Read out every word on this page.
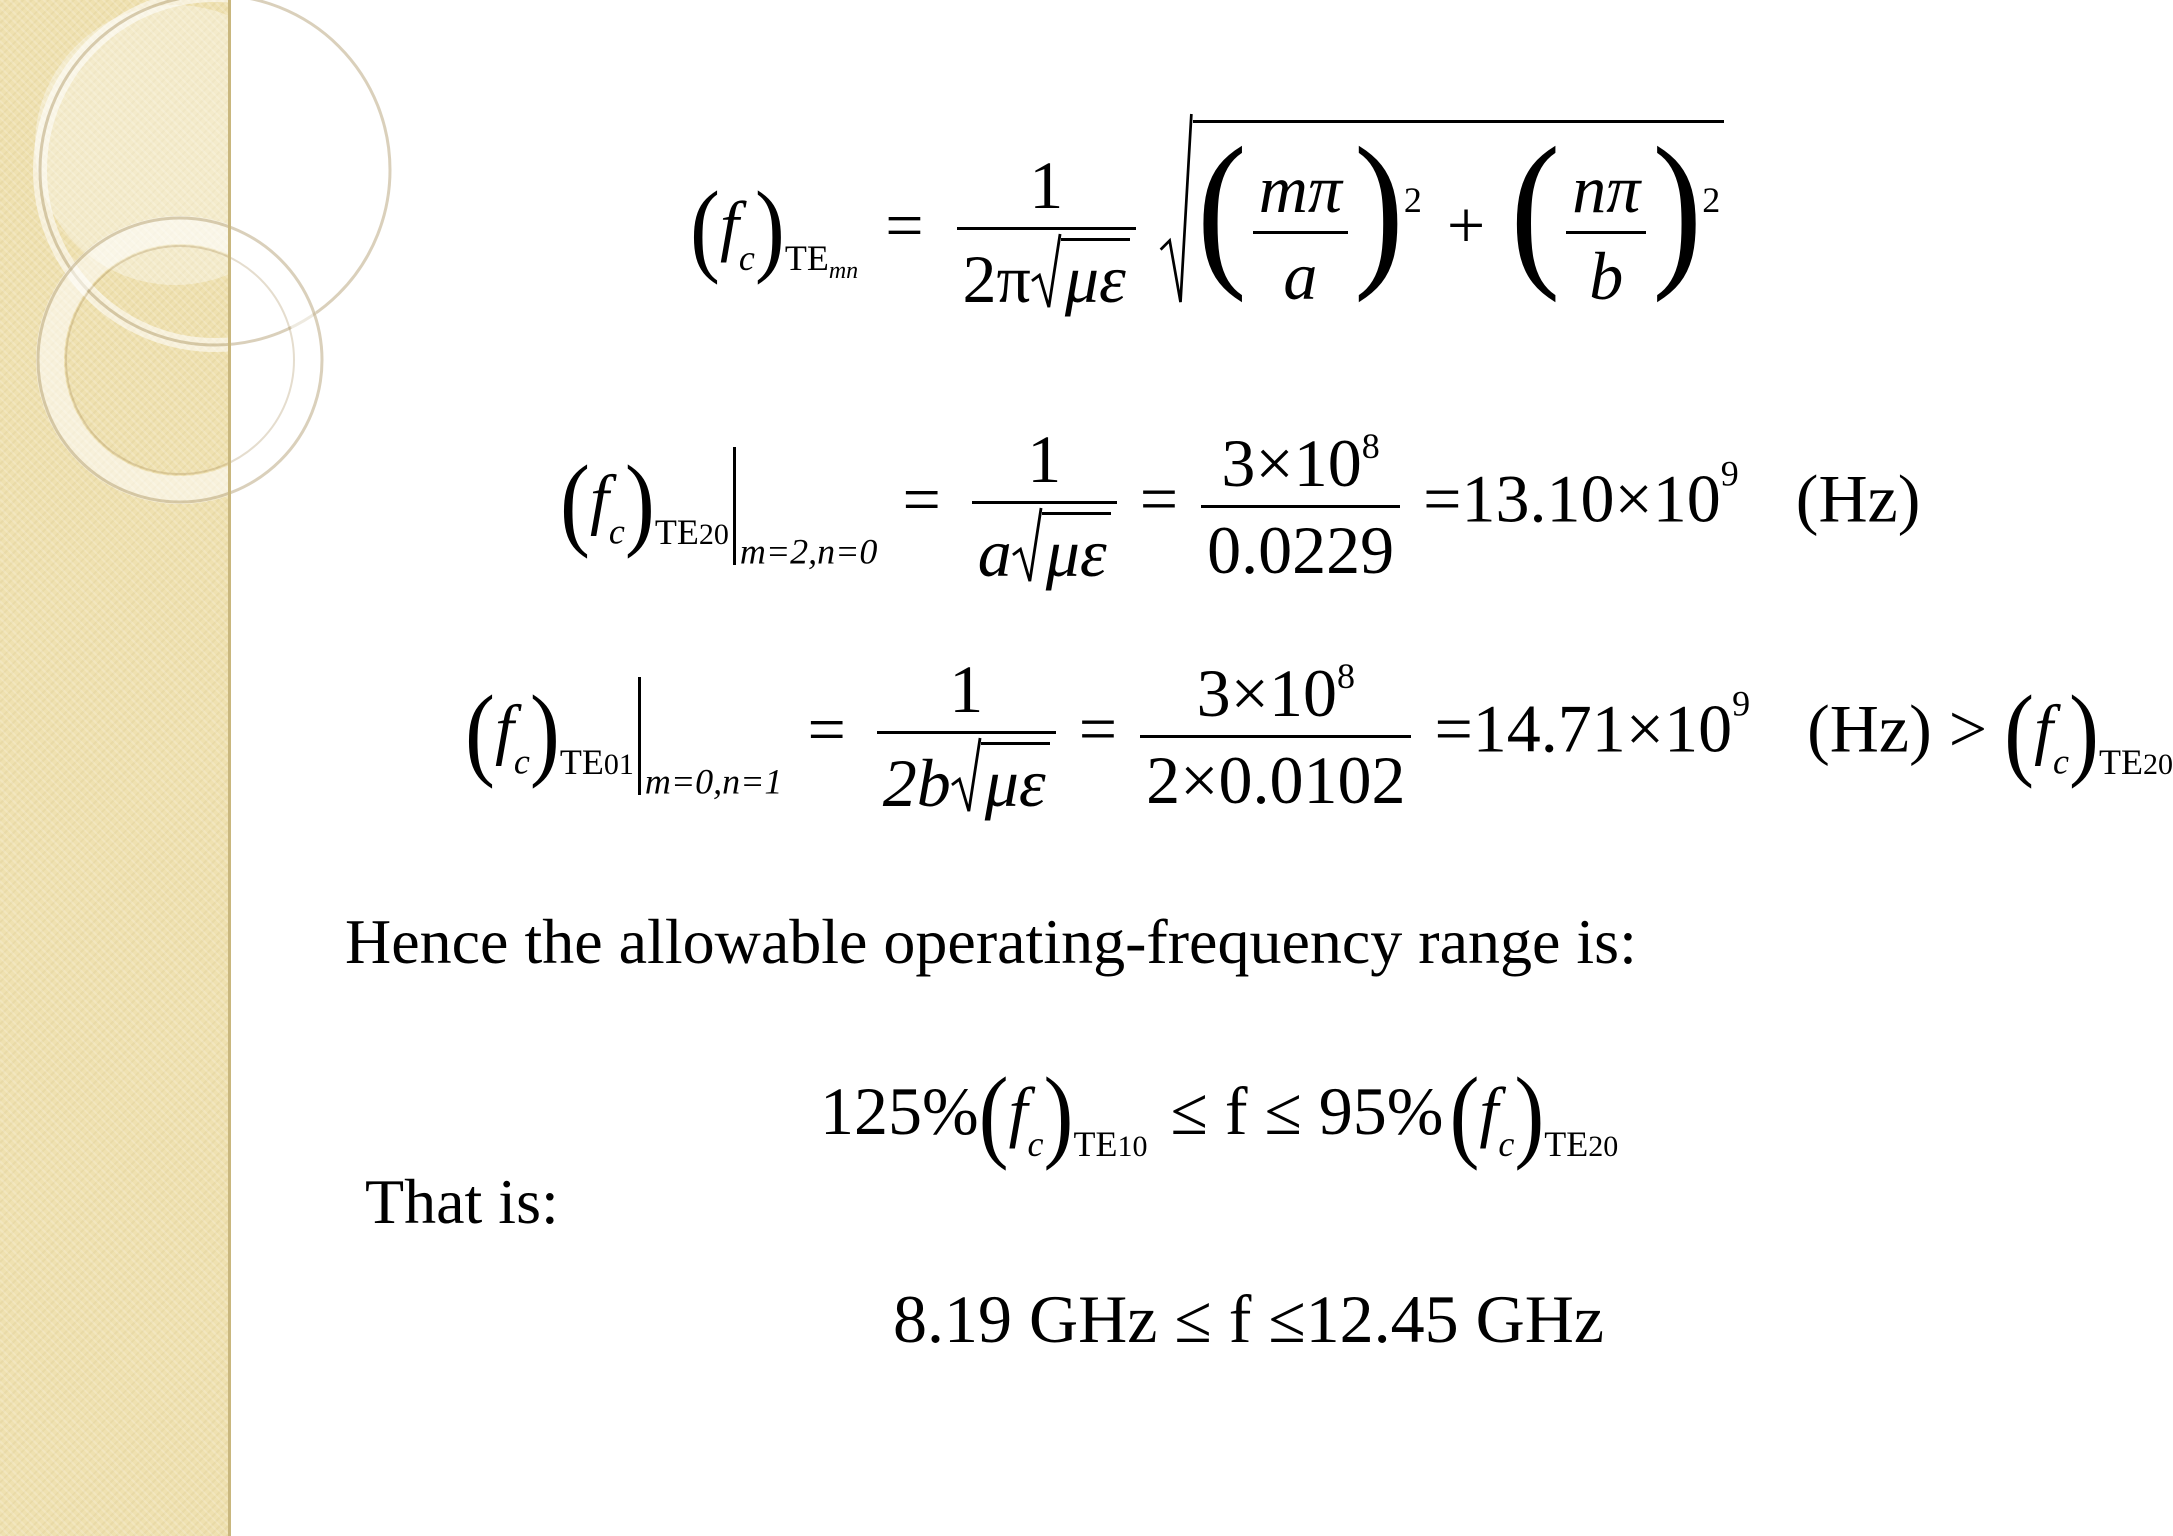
$(f_c)_{TE_{mn}} = \frac{1}{\text{2π με}}$
( $\frac{m\pi}{a} )^2$ + ( $\frac{n\pi}{b} )^2$
$(f_c)_{TE20}$ $_{m=2,n=0} = \frac{1}{\text{a με}} = \frac{3\times 10^8}{0.0229} =13.10\times 10^9$ (Hz)
$(f_c)_{TE01}$ $_{m=0,n=1} = \frac{1}{\text{2b με}} = \frac{3\times 10^8}{2\times 0.0102} =14.71\times 10^9$ $(Hz) > (f_c)_{TE20}$
Hence the allowable operating-frequency range is:
$125\%(f_c)_{TE10} \le f \le 95\%(f_c)_{TE20}$
That is:
8.19 GHz ≤ f ≤12.45 GHz
